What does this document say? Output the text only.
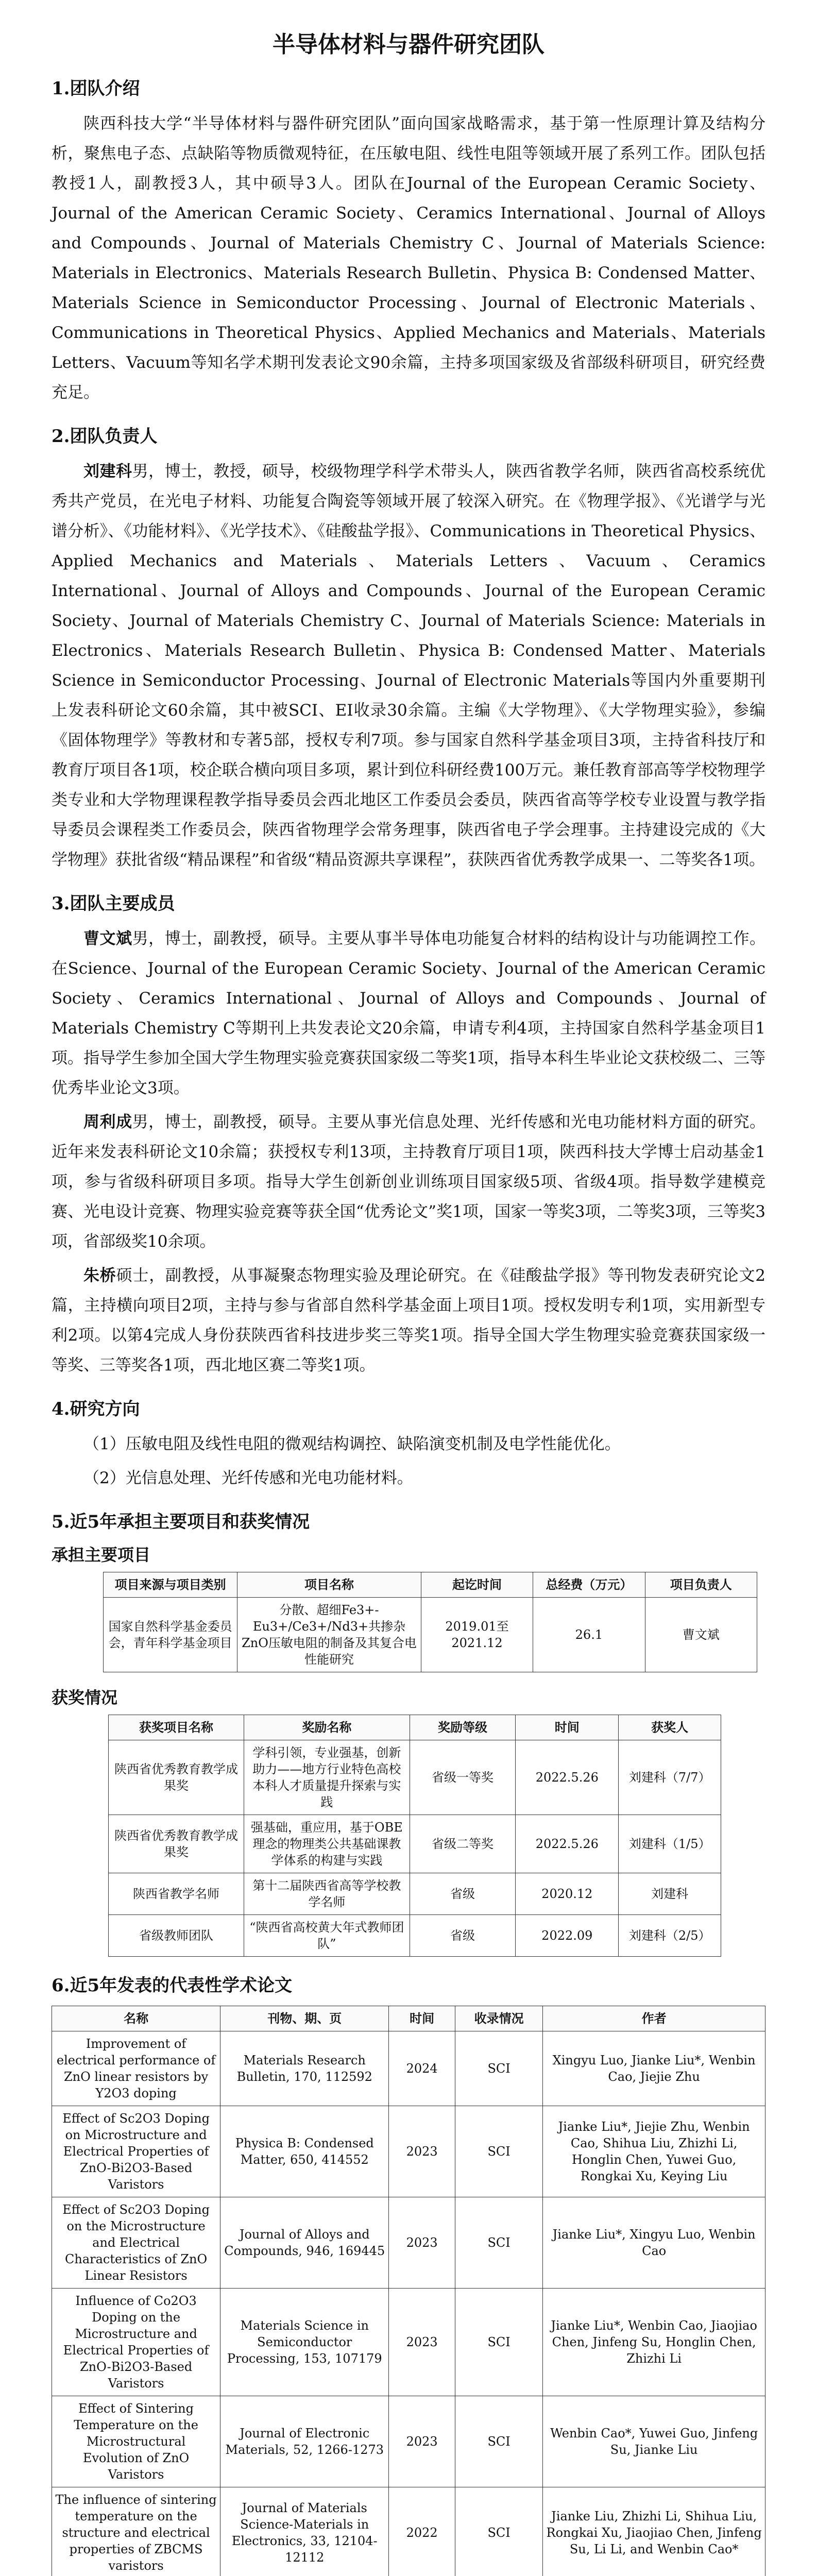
半导体材料与器件研究团队
1.团队介绍

陕西科技大学“半导体材料与器件研究团队”面向国家战略需求，基于第一性原理计算及结构分析，聚焦电子态、点缺陷等物质微观特征，在压敏电阻、线性电阻等领域开展了系列工作。团队包括教授1人，副教授3人，其中硕导3人。团队在Journal of the European Ceramic Society、Journal of the American Ceramic Society、Ceramics International、Journal of Alloys and Compounds、Journal of Materials Chemistry C、Journal of Materials Science: Materials in Electronics、Materials Research Bulletin、Physica B: Condensed Matter、Materials Science in Semiconductor Processing、Journal of Electronic Materials、Communications in Theoretical Physics、Applied Mechanics and Materials、Materials Letters、Vacuum等知名学术期刊发表论文90余篇，主持多项国家级及省部级科研项目，研究经费充足。

2.团队负责人

刘建科男，博士，教授，硕导，校级物理学科学术带头人，陕西省教学名师，陕西省高校系统优秀共产党员，在光电子材料、功能复合陶瓷等领域开展了较深入研究。在《物理学报》、《光谱学与光谱分析》、《功能材料》、《光学技术》、《硅酸盐学报》、Communications in Theoretical Physics、Applied Mechanics and Materials、Materials Letters、Vacuum、Ceramics International、Journal of Alloys and Compounds、Journal of the European Ceramic Society、Journal of Materials Chemistry C、Journal of Materials Science: Materials in Electronics、Materials Research Bulletin、Physica B: Condensed Matter、Materials Science in Semiconductor Processing、Journal of Electronic Materials等国内外重要期刊上发表科研论文60余篇，其中被SCI、EI收录30余篇。主编《大学物理》、《大学物理实验》，参编《固体物理学》等教材和专著5部，授权专利7项。参与国家自然科学基金项目3项，主持省科技厅和教育厅项目各1项，校企联合横向项目多项，累计到位科研经费100万元。兼任教育部高等学校物理学类专业和大学物理课程教学指导委员会西北地区工作委员会委员，陕西省高等学校专业设置与教学指导委员会课程类工作委员会，陕西省物理学会常务理事，陕西省电子学会理事。主持建设完成的《大学物理》获批省级“精品课程”和省级“精品资源共享课程”，获陕西省优秀教学成果一、二等奖各1项。

3.团队主要成员

曹文斌男，博士，副教授，硕导。主要从事半导体电功能复合材料的结构设计与功能调控工作。在Science、Journal of the European Ceramic Society、Journal of the American Ceramic Society、Ceramics International、Journal of Alloys and Compounds、Journal of Materials Chemistry C等期刊上共发表论文20余篇，申请专利4项，主持国家自然科学基金项目1项。指导学生参加全国大学生物理实验竞赛获国家级二等奖1项，指导本科生毕业论文获校级二、三等优秀毕业论文3项。

周利成男，博士，副教授，硕导。主要从事光信息处理、光纤传感和光电功能材料方面的研究。近年来发表科研论文10余篇；获授权专利13项，主持教育厅项目1项，陕西科技大学博士启动基金1项，参与省级科研项目多项。指导大学生创新创业训练项目国家级5项、省级4项。指导数学建模竞赛、光电设计竞赛、物理实验竞赛等获全国“优秀论文”奖1项，国家一等奖3项，二等奖3项，三等奖3项，省部级奖10余项。

朱桥硕士，副教授，从事凝聚态物理实验及理论研究。在《硅酸盐学报》等刊物发表研究论文2篇，主持横向项目2项，主持与参与省部自然科学基金面上项目1项。授权发明专利1项，实用新型专利2项。以第4完成人身份获陕西省科技进步奖三等奖1项。指导全国大学生物理实验竞赛获国家级一等奖、三等奖各1项，西北地区赛二等奖1项。

4.研究方向

（1）压敏电阻及线性电阻的微观结构调控、缺陷演变机制及电学性能优化。

（2）光信息处理、光纤传感和光电功能材料。

5.近5年承担主要项目和获奖情况
承担主要项目
项目来源与项目类别	项目名称	起讫时间	总经费（万元）	项目负责人
国家自然科学基金委员会，青年科学基金项目	分散、超细Fe3+-Eu3+/Ce3+/Nd3+共掺杂ZnO压敏电阻的制备及其复合电性能研究	2019.01至2021.12	26.1	曹文斌
获奖情况
获奖项目名称	奖励名称	奖励等级	时间	获奖人
陕西省优秀教育教学成果奖	学科引领，专业强基，创新助力——地方行业特色高校本科人才质量提升探索与实践	省级一等奖	2022.5.26	刘建科（7/7）
陕西省优秀教育教学成果奖	强基础，重应用，基于OBE理念的物理类公共基础课教学体系的构建与实践	省级二等奖	2022.5.26	刘建科（1/5）
陕西省教学名师	第十二届陕西省高等学校教学名师	省级	2020.12	刘建科
省级教师团队	“陕西省高校黄大年式教师团队”	省级	2022.09	刘建科（2/5）
6.近5年发表的代表性学术论文
名称	刊物、期、页	时间	收录情况	作者
Improvement of electrical performance of ZnO linear resistors by Y2O3 doping	Materials Research Bulletin, 170, 112592	2024	SCI	Xingyu Luo, Jianke Liu*, Wenbin Cao, Jiejie Zhu
Effect of Sc2O3 Doping on Microstructure and Electrical Properties of ZnO-Bi2O3-Based Varistors	Physica B: Condensed Matter, 650, 414552	2023	SCI	Jianke Liu*, Jiejie Zhu, Wenbin Cao, Shihua Liu, Zhizhi Li, Honglin Chen, Yuwei Guo, Rongkai Xu, Keying Liu
Effect of Sc2O3 Doping on the Microstructure and Electrical Characteristics of ZnO Linear Resistors	Journal of Alloys and Compounds, 946, 169445	2023	SCI	Jianke Liu*, Xingyu Luo, Wenbin Cao
Influence of Co2O3 Doping on the Microstructure and Electrical Properties of ZnO-Bi2O3-Based Varistors	Materials Science in Semiconductor Processing, 153, 107179	2023	SCI	Jianke Liu*, Wenbin Cao, Jiaojiao Chen, Jinfeng Su, Honglin Chen, Zhizhi Li
Effect of Sintering Temperature on the Microstructural Evolution of ZnO Varistors	Journal of Electronic Materials, 52, 1266-1273	2023	SCI	Wenbin Cao*, Yuwei Guo, Jinfeng Su, Jianke Liu
The influence of sintering temperature on the structure and electrical properties of ZBCMS varistors	Journal of Materials Science-Materials in Electronics, 33, 12104-12112	2022	SCI	Jianke Liu, Zhizhi Li, Shihua Liu, Rongkai Xu, Jiaojiao Chen, Jinfeng Su, Li Li, and Wenbin Cao*
